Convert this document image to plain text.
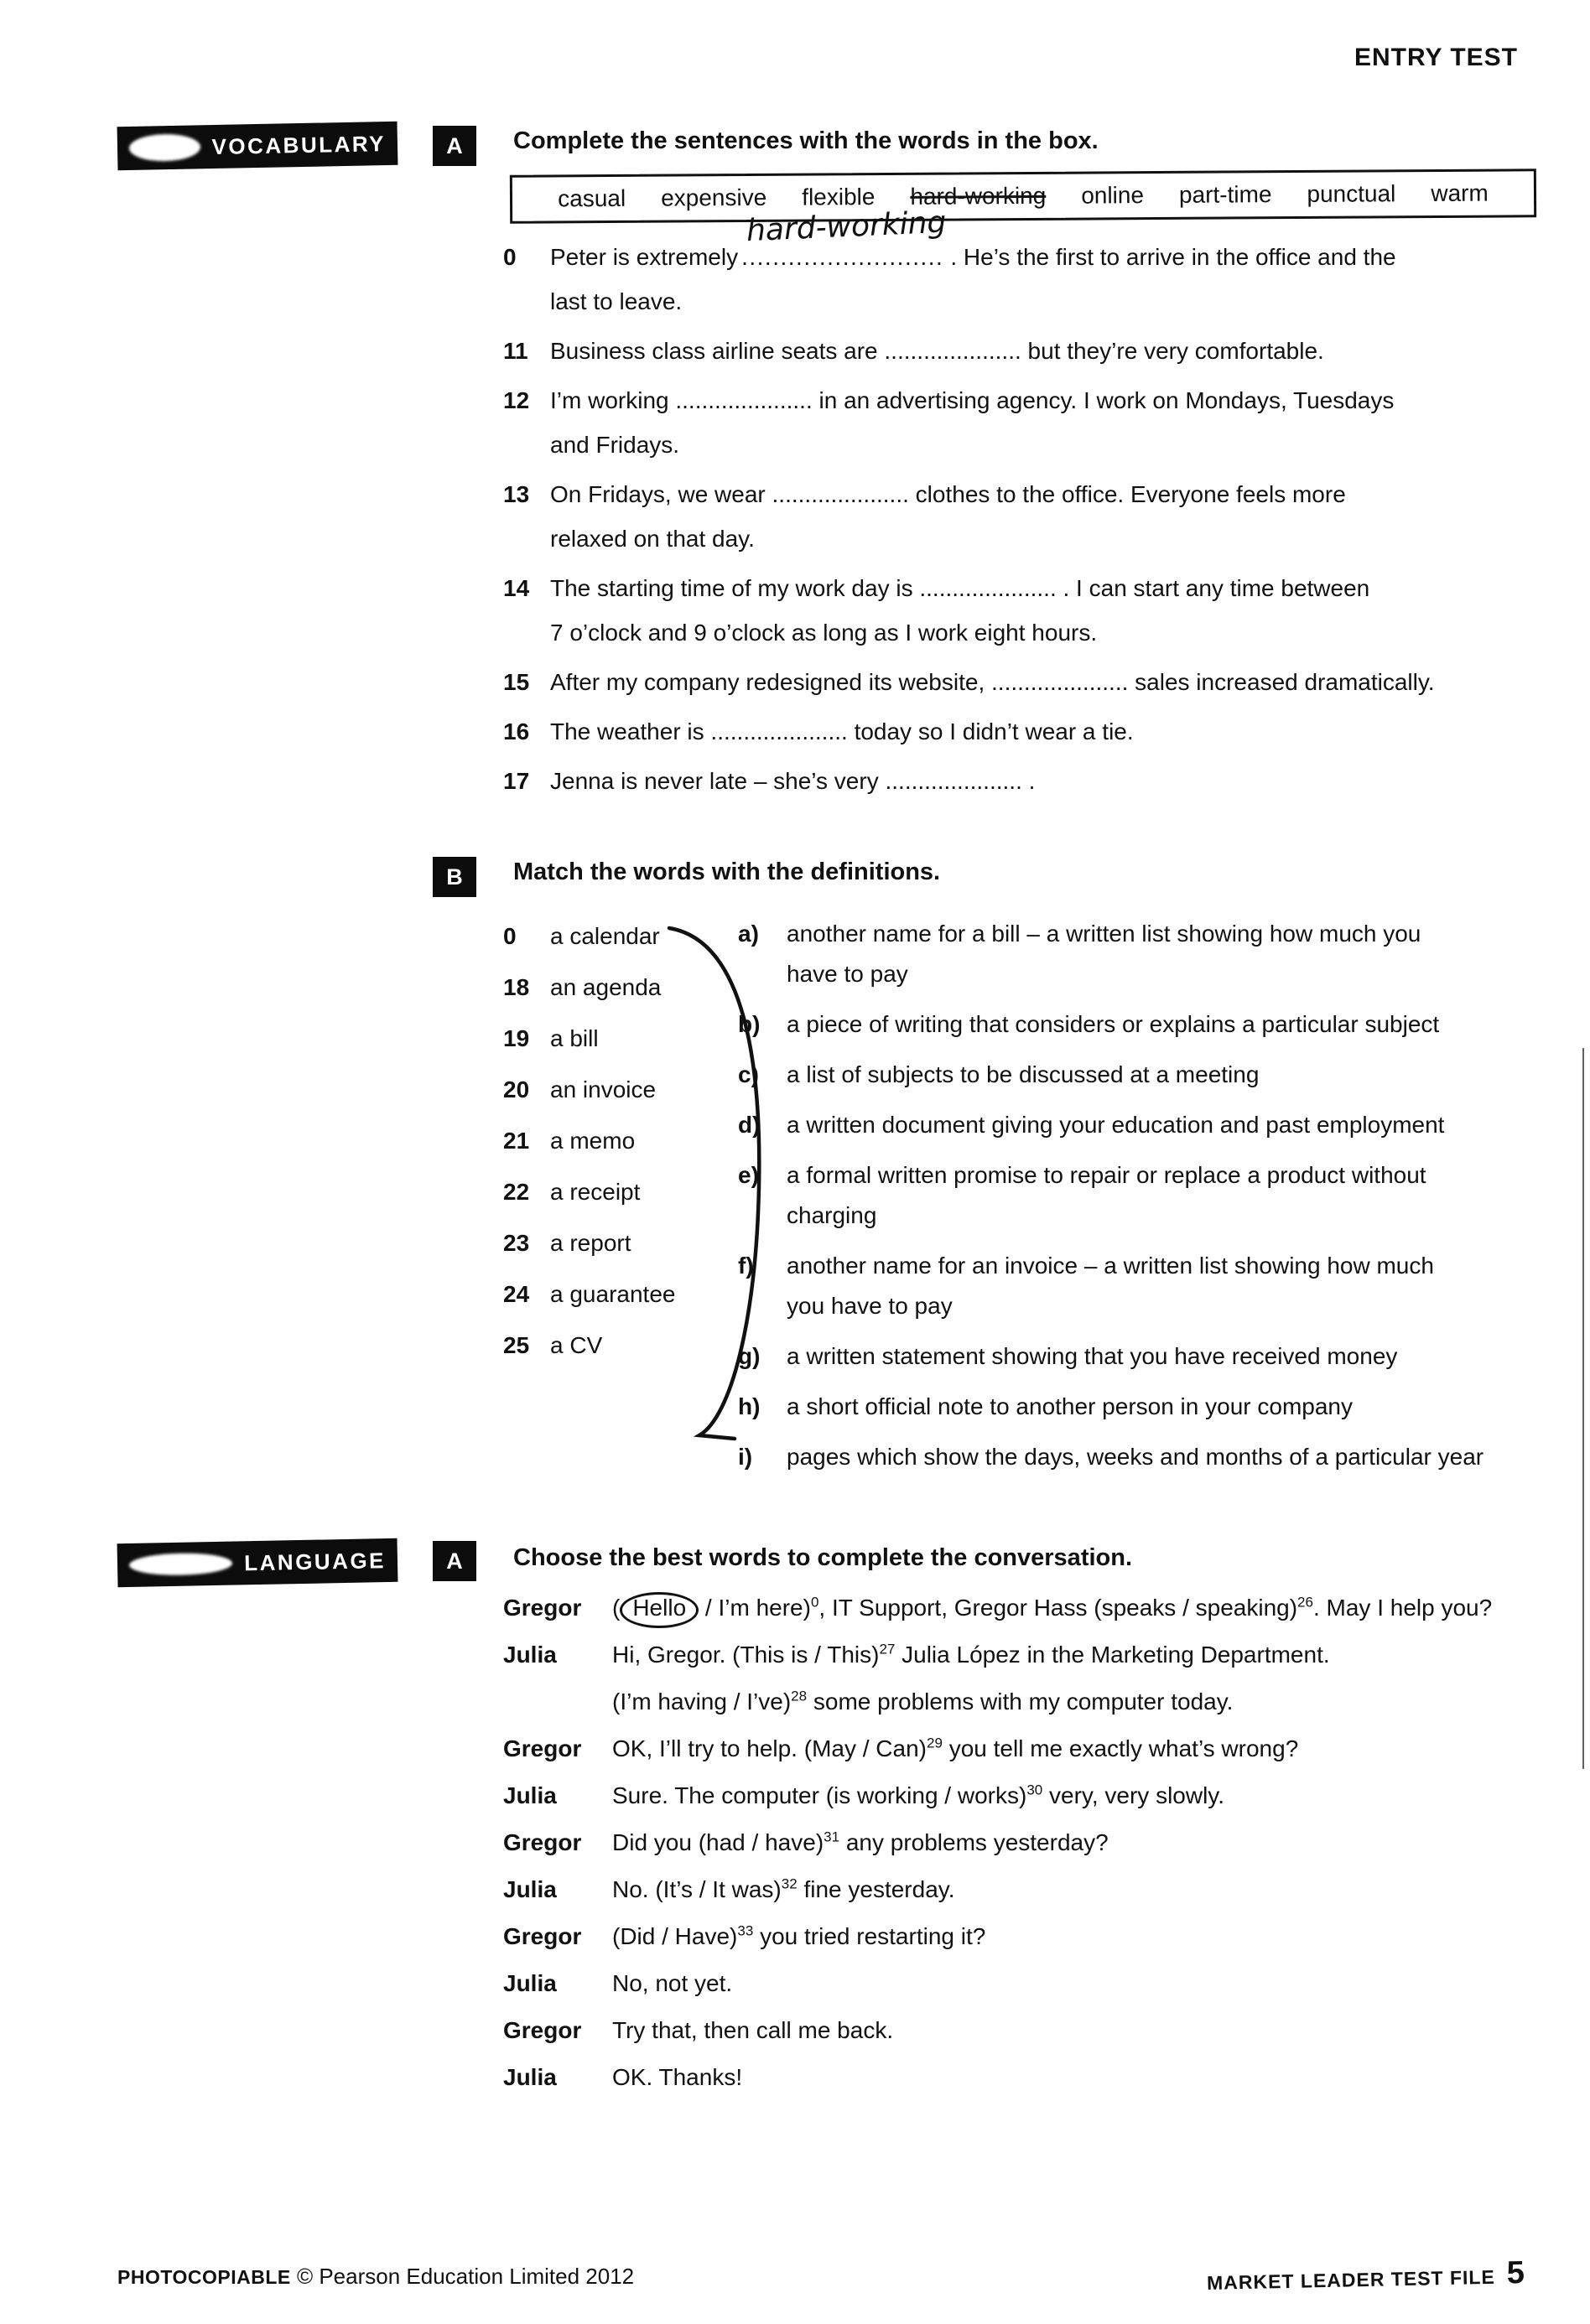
ENTRY TEST
VOCABULARY	A	Complete the sentences with the words in the box.
casual expensive flexible hard-working online part-time punctual warm
0	Peter is extremely
hard-working
.......................... . He’s the first to arrive in the office and the
last to leave.
11 Business class airline seats are ..................... but they’re very comfortable.
12 I’m working ..................... in an advertising agency. I work on Mondays, Tuesdays
and Fridays.
13 On Fridays, we wear ..................... clothes to the office. Everyone feels more
relaxed on that day.
14 The starting time of my work day is ..................... . I can start any time between
7 o’clock and 9 o’clock as long as I work eight hours.
15 After my company redesigned its website, ..................... sales increased dramatically.
16 The weather is ..................... today so I didn’t wear a tie.
17 Jenna is never late – she’s very ..................... .
B	Match the words with the definitions.
0	a calendar
18 an agenda
19 a bill
20 an invoice
21 a memo
22 a receipt
23 a report
24 a guarantee
25 a CV
a)	another name for a bill – a written list showing how much you
have to pay
b)	a piece of writing that considers or explains a particular subject
c)	a list of subjects to be discussed at a meeting
d)	a written document giving your education and past employment
e)	a formal written promise to repair or replace a product without
charging
f)	another name for an invoice – a written list showing how much
you have to pay
g)	a written statement showing that you have received money
h)	a short official note to another person in your company
i)	pages which show the days, weeks and months of a particular year
LANGUAGE	A	Choose the best words to complete the conversation.
Gregor	( Hello / I’m here)$^0$, IT Support, Gregor Hass (speaks / speaking)$^{26}$. May I help you?
Julia	Hi, Gregor. (This is / This)$^{27}$ Julia López in the Marketing Department.
(I’m having / I’ve)$^{28}$ some problems with my computer today.
Gregor	OK, I’ll try to help. (May / Can)$^{29}$ you tell me exactly what’s wrong?
Julia	Sure. The computer (is working / works)$^{30}$ very, very slowly.
Gregor	Did you (had / have)$^{31}$ any problems yesterday?
Julia	No. (It’s / It was)$^{32}$ fine yesterday.
Gregor	(Did / Have)$^{33}$ you tried restarting it?
Julia	No, not yet.
Gregor	Try that, then call me back.
Julia	OK. Thanks!
PHOTOCOPIABLE © Pearson Education Limited 2012	MARKET LEADER TEST FILE 5
